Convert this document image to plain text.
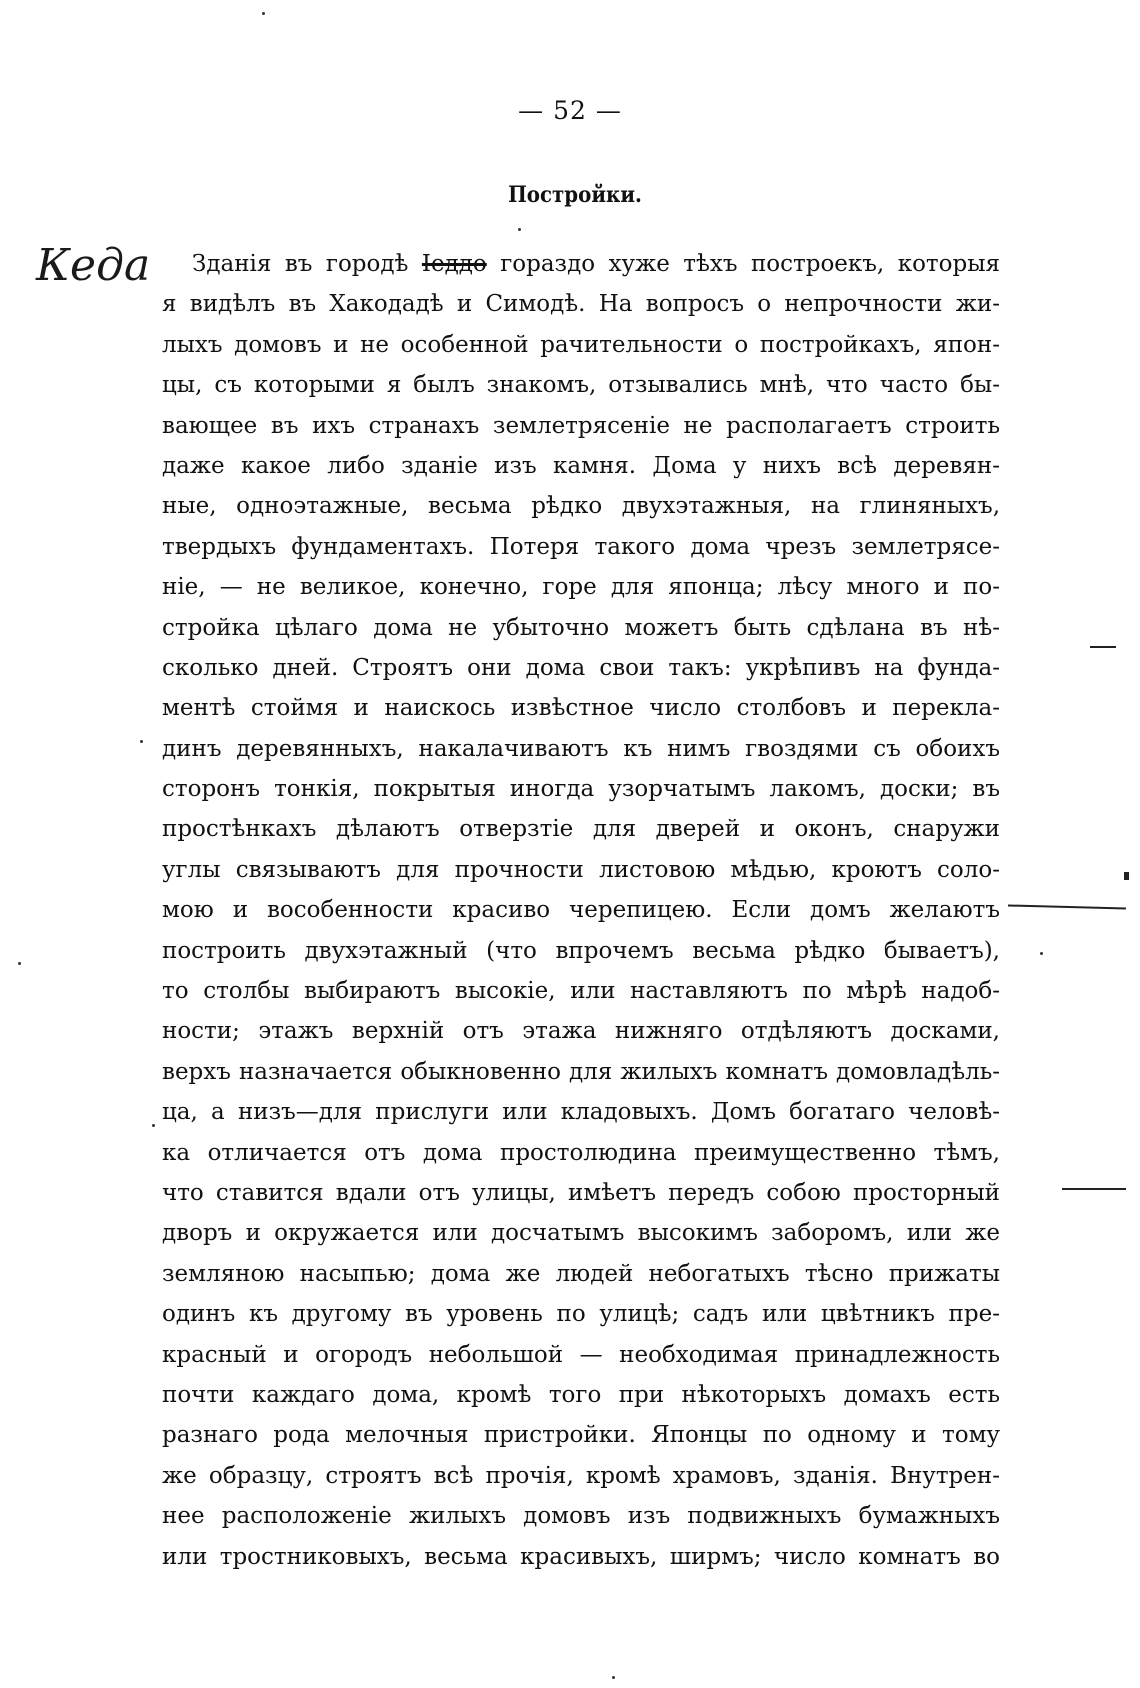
— 52 —
Постройки.
Кеда	Зданія въ городѣ Іеддо гораздо хуже тѣхъ построекъ, которыя
я видѣлъ въ Хакодадѣ и Симодѣ. На вопросъ о непрочности жи-
лыхъ домовъ и не особенной рачительности о постройкахъ, япон-
цы, съ которыми я былъ знакомъ, отзывались мнѣ, что часто бы-
вающее въ ихъ странахъ землетрясеніе не располагаетъ строить
даже какое либо зданіе изъ камня. Дома у нихъ всѣ деревян-
ные, одноэтажные, весьма рѣдко двухэтажныя, на глиняныхъ,
твердыхъ фундаментахъ. Потеря такого дома чрезъ землетрясе-
ніе, — не великое, конечно, горе для японца; лѣсу много и по-
стройка цѣлаго дома не убыточно можетъ быть сдѣлана въ нѣ-
сколько дней. Строятъ они дома свои такъ: укрѣпивъ на фунда-
ментѣ стоймя и наискось извѣстное число столбовъ и перекла-
динъ деревянныхъ, накалачиваютъ къ нимъ гвоздями съ обоихъ
сторонъ тонкія, покрытыя иногда узорчатымъ лакомъ, доски; въ
простѣнкахъ дѣлаютъ отверзтіе для дверей и оконъ, снаружи
углы связываютъ для прочности листовою мѣдью, кроютъ соло-
мою и вособенности красиво черепицею. Если домъ желаютъ
построить двухэтажный (что впрочемъ весьма рѣдко бываетъ),
то столбы выбираютъ высокіе, или наставляютъ по мѣрѣ надоб-
ности; этажъ верхній отъ этажа нижняго отдѣляютъ досками,
верхъ назначается обыкновенно для жилыхъ комнатъ домовладѣль-
ца, а низъ—для прислуги или кладовыхъ. Домъ богатаго человѣ-
ка отличается отъ дома простолюдина преимущественно тѣмъ,
что ставится вдали отъ улицы, имѣетъ передъ собою просторный
дворъ и окружается или досчатымъ высокимъ заборомъ, или же
земляною насыпью; дома же людей небогатыхъ тѣсно прижаты
одинъ къ другому въ уровень по улицѣ; садъ или цвѣтникъ пре-
красный и огородъ небольшой — необходимая принадлежность
почти каждаго дома, кромѣ того при нѣкоторыхъ домахъ есть
разнаго рода мелочныя пристройки. Японцы по одному и тому
же образцу, строятъ всѣ прочія, кромѣ храмовъ, зданія. Внутрен-
нее расположеніе жилыхъ домовъ изъ подвижныхъ бумажныхъ
или тростниковыхъ, весьма красивыхъ, ширмъ; число комнатъ во
